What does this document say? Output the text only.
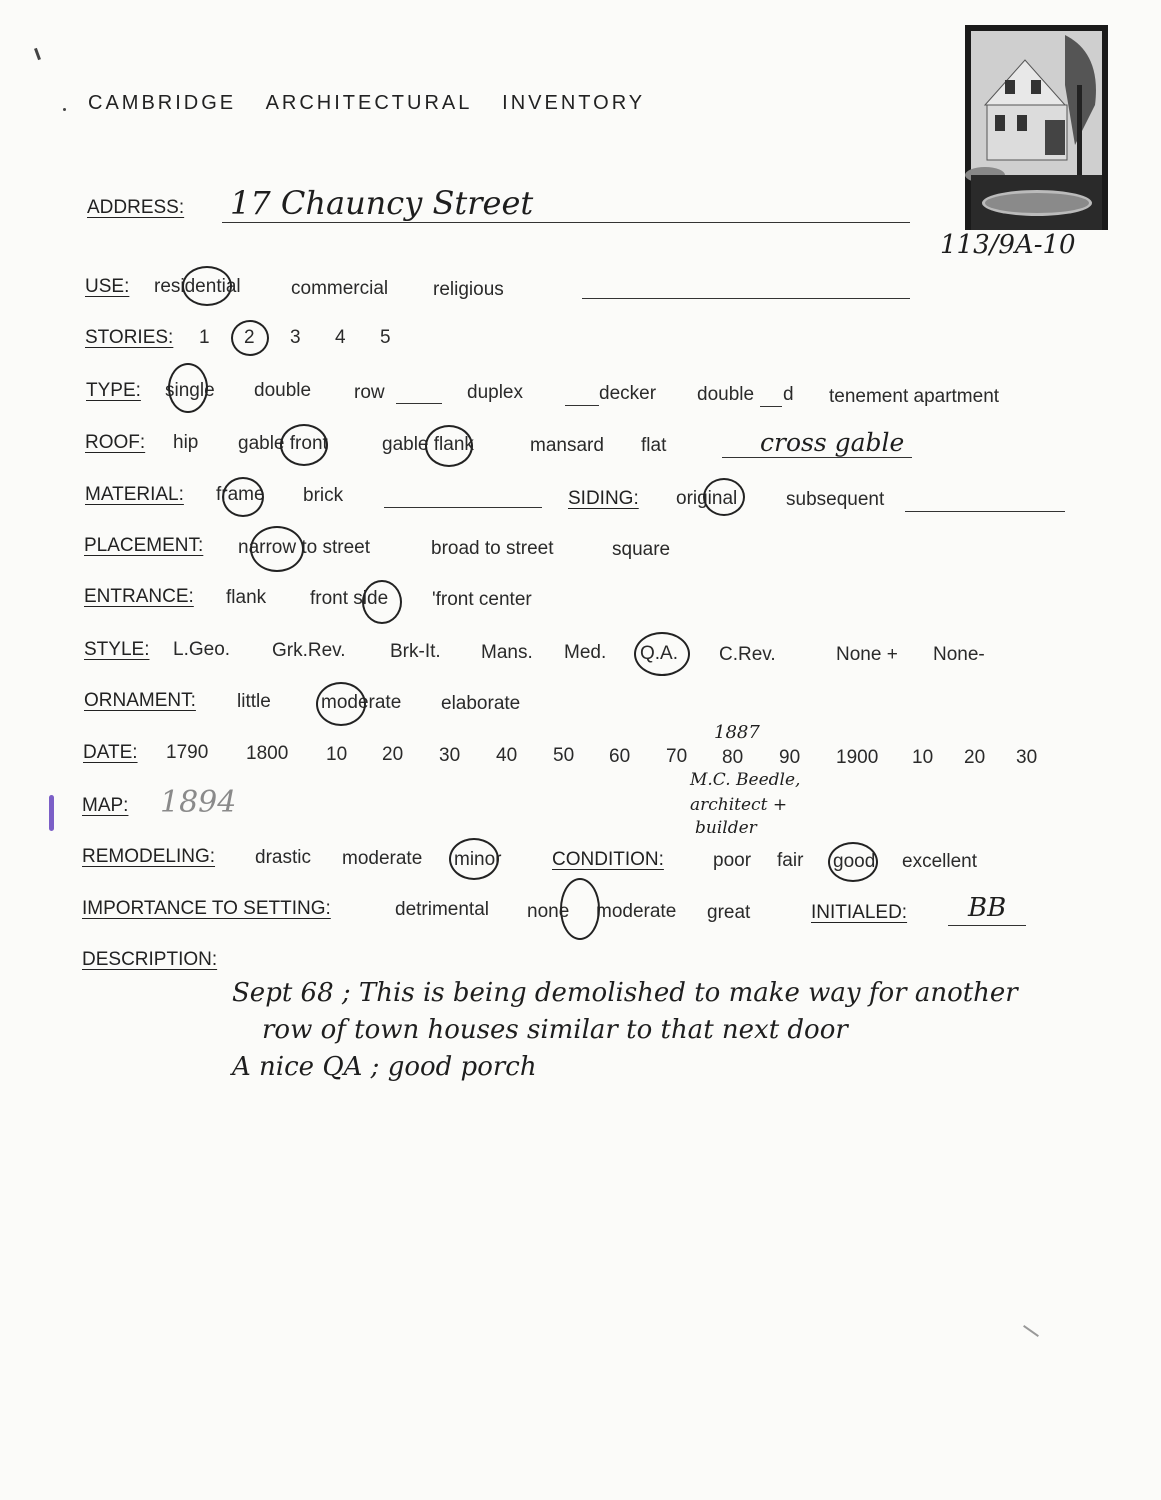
CAMBRIDGE ARCHITECTURAL INVENTORY
113/9A-10
ADDRESS: 17 Chauncy Street
USE: residential	commercial religious
STORIES: 1 2 3 4 5
TYPE: single double row	duplex	decker double d tenement apartment
ROOF: hip gable front	gable flank	mansard flat	cross gable
MATERIAL: frame brick	SIDING: original	subsequent
PLACEMENT: narrow to street	broad to street	square
ENTRANCE: flank front side 'front center
STYLE: L.Geo. Grk.Rev. Brk-It. Mans. Med. Q.A. C.Rev.	None + None-
ORNAMENT: little	moderate elaborate
DATE: 1790 1800 10 20 30 40 50 60 70 80 90 1900 10 20 30
1887
M.C. Beedle,
architect +
builder
MAP: 1894
REMODELING: drastic moderate minor	CONDITION:	poor fair good excellent
IMPORTANCE TO SETTING:	detrimental none moderate great	INITIALED: BB
DESCRIPTION:
Sept 68 ; This is being demolished to make way for another
row of town houses similar to that next door
A nice QA ; good porch
